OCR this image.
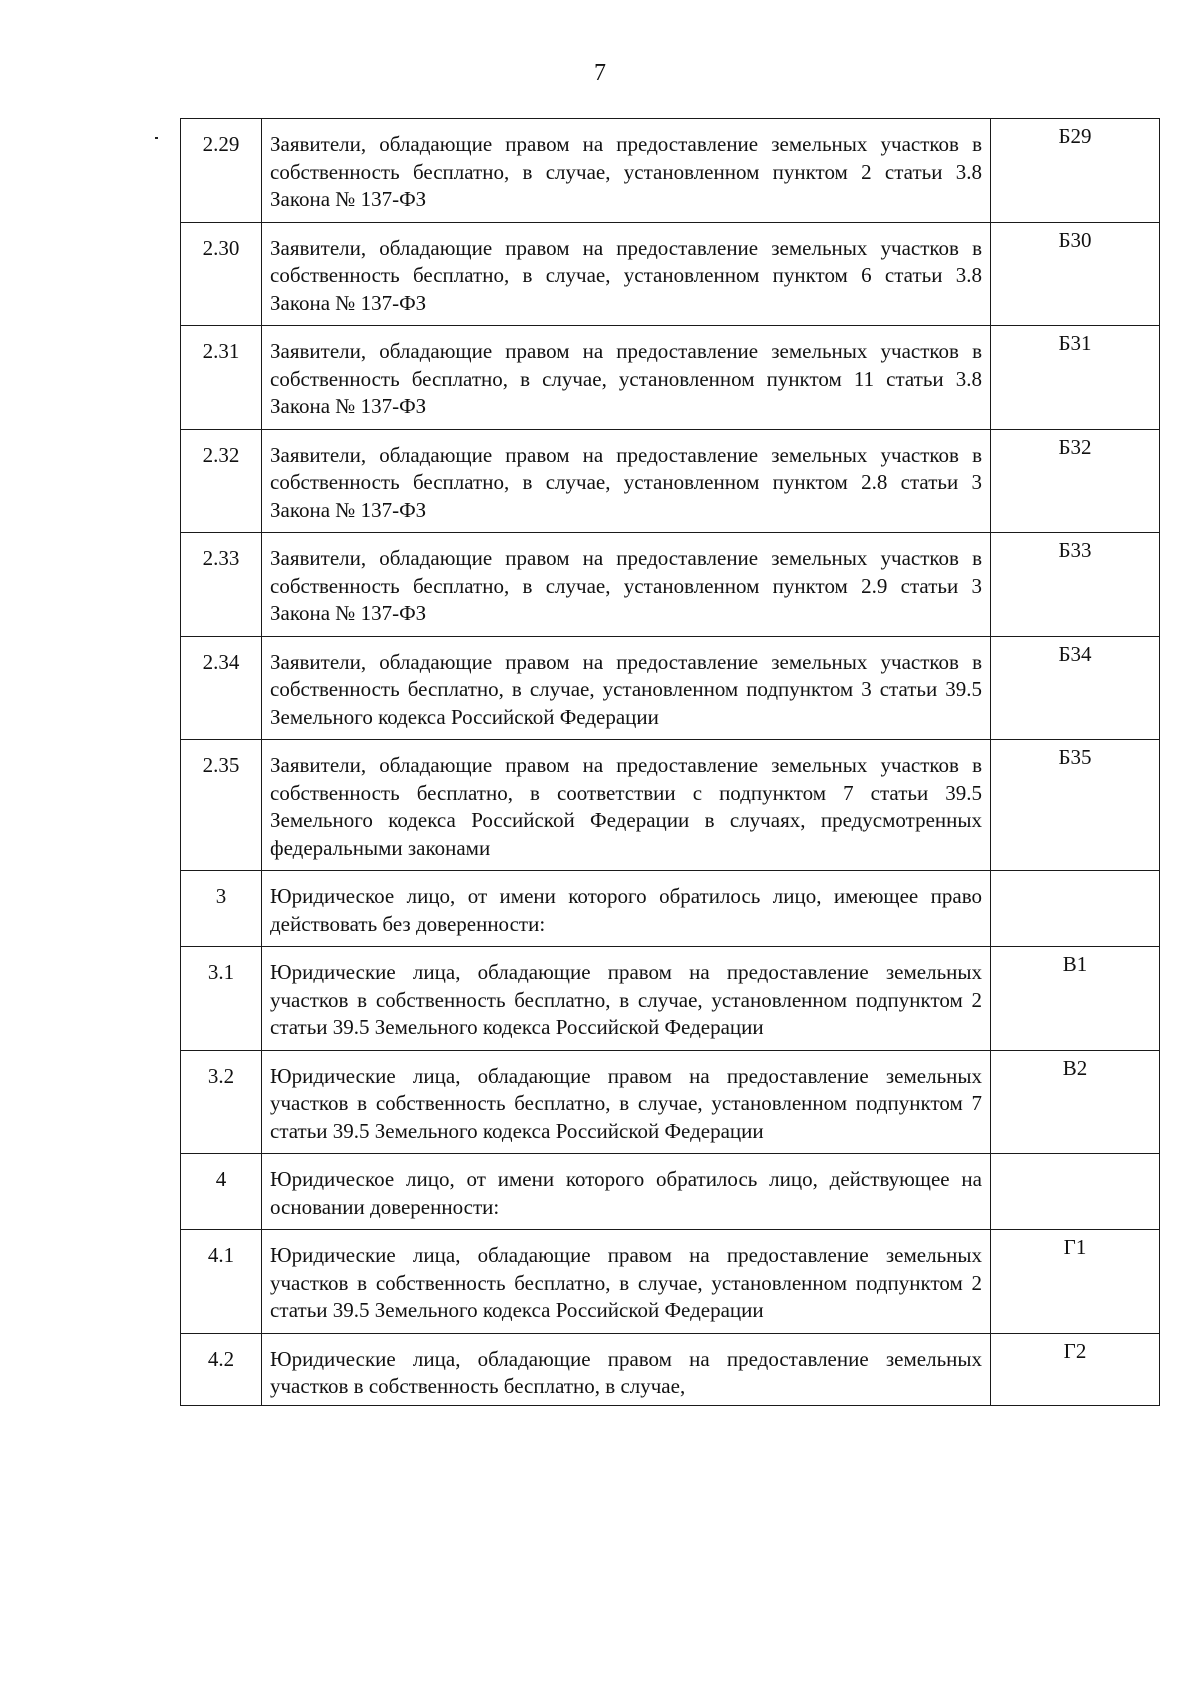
7
2.29	Заявители, обладающие правом на предоставление земельных участков в собственность бесплатно, в случае, установленном пунктом 2 статьи 3.8 Закона № 137-ФЗ	Б29
2.30	Заявители, обладающие правом на предоставление земельных участков в собственность бесплатно, в случае, установленном пунктом 6 статьи 3.8 Закона № 137-ФЗ	Б30
2.31	Заявители, обладающие правом на предоставление земельных участков в собственность бесплатно, в случае, установленном пунктом 11 статьи 3.8 Закона № 137-ФЗ	Б31
2.32	Заявители, обладающие правом на предоставление земельных участков в собственность бесплатно, в случае, установленном пунктом 2.8 статьи 3 Закона № 137-ФЗ	Б32
2.33	Заявители, обладающие правом на предоставление земельных участков в собственность бесплатно, в случае, установленном пунктом 2.9 статьи 3 Закона № 137-ФЗ	Б33
2.34	Заявители, обладающие правом на предоставление земельных участков в собственность бесплатно, в случае, установленном подпунктом 3 статьи 39.5 Земельного кодекса Российской Федерации	Б34
2.35	Заявители, обладающие правом на предоставление земельных участков в собственность бесплатно, в соответствии с подпунктом 7 статьи 39.5 Земельного кодекса Российской Федерации в случаях, предусмотренных федеральными законами	Б35
3	Юридическое лицо, от имени которого обратилось лицо, имеющее право действовать без доверенности:	
3.1	Юридические лица, обладающие правом на предоставление земельных участков в собственность бесплатно, в случае, установленном подпунктом 2 статьи 39.5 Земельного кодекса Российской Федерации	В1
3.2	Юридические лица, обладающие правом на предоставление земельных участков в собственность бесплатно, в случае, установленном подпунктом 7 статьи 39.5 Земельного кодекса Российской Федерации	В2
4	Юридическое лицо, от имени которого обратилось лицо, действующее на основании доверенности:	
4.1	Юридические лица, обладающие правом на предоставление земельных участков в собственность бесплатно, в случае, установленном подпунктом 2 статьи 39.5 Земельного кодекса Российской Федерации	Г1
4.2	Юридические лица, обладающие правом на предоставление земельных участков в собственность бесплатно, в случае,	Г2
